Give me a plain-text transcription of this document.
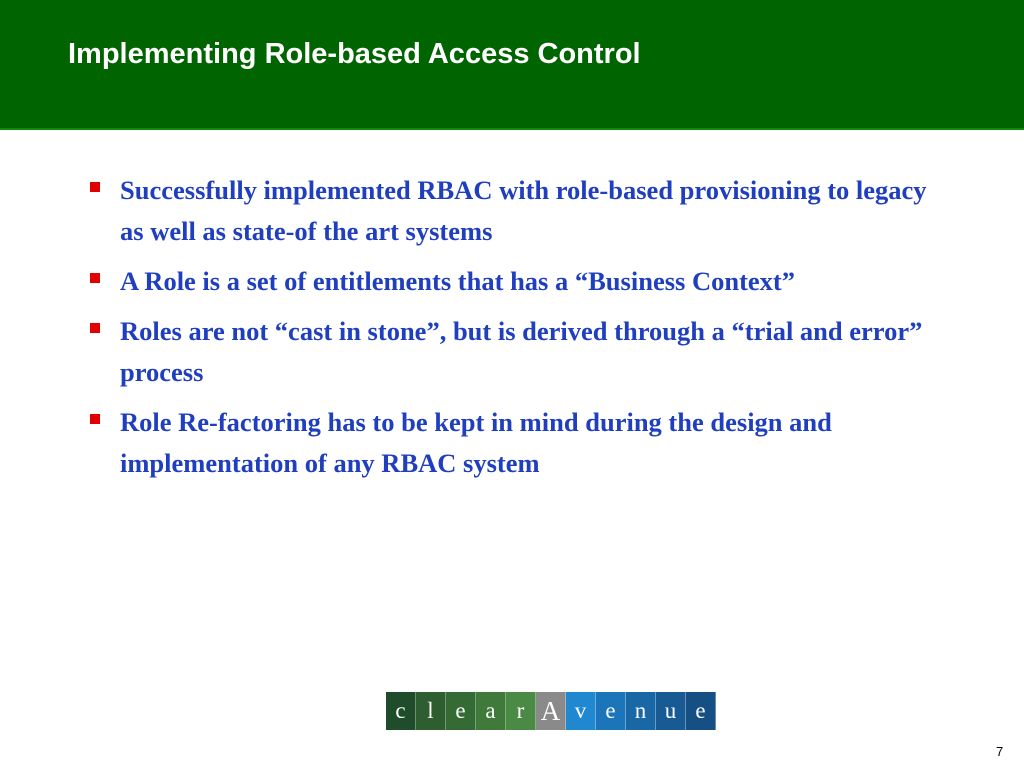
Implementing Role-based Access Control
Successfully implemented RBAC with role-based provisioning to legacy as well as state-of the art systems
A Role is a set of entitlements that has a “Business Context”
Roles are not “cast in stone”, but is derived through a “trial and error” process
Role Re-factoring has to be kept in mind during the design and implementation of any RBAC system
c l e a r A v e n u e
7
